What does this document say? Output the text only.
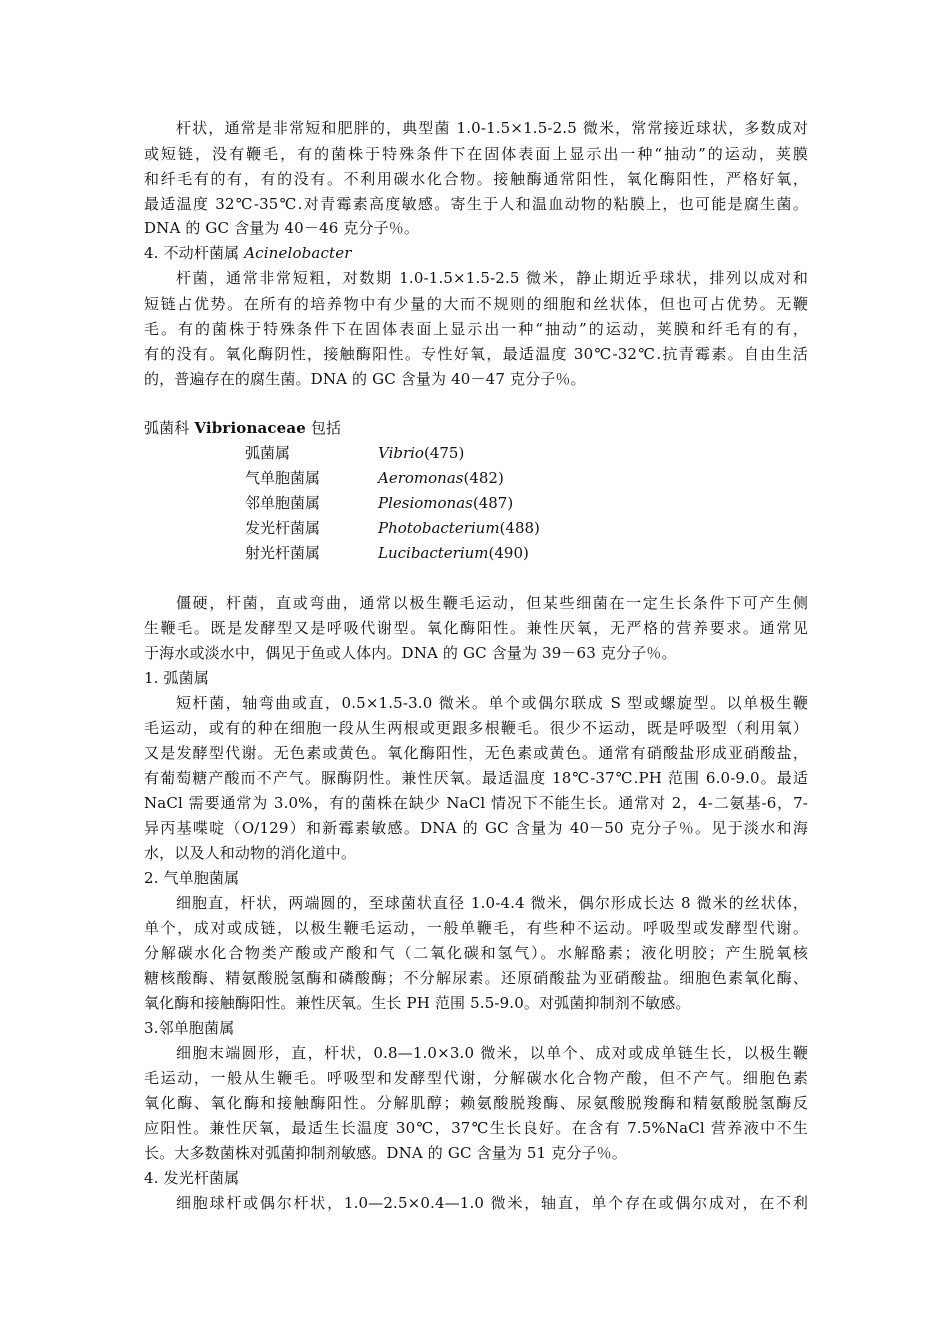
杆状，通常是非常短和肥胖的，典型菌 1.0-1.5×1.5-2.5 微米，常常接近球状，多数成对
或短链，没有鞭毛，有的菌株于特殊条件下在固体表面上显示出一种“抽动”的运动，荚膜
和纤毛有的有，有的没有。不利用碳水化合物。接触酶通常阳性，氧化酶阳性，严格好氧，
最适温度 32℃-35℃.对青霉素高度敏感。寄生于人和温血动物的粘膜上，也可能是腐生菌。
DNA 的 GC 含量为 40－46 克分子％。
4. 不动杆菌属 Acinelobacter
杆菌，通常非常短粗，对数期 1.0-1.5×1.5-2.5 微米，静止期近乎球状，排列以成对和
短链占优势。在所有的培养物中有少量的大而不规则的细胞和丝状体，但也可占优势。无鞭
毛。有的菌株于特殊条件下在固体表面上显示出一种“抽动”的运动，荚膜和纤毛有的有，
有的没有。氧化酶阴性，接触酶阳性。专性好氧，最适温度 30℃-32℃.抗青霉素。自由生活
的，普遍存在的腐生菌。DNA 的 GC 含量为 40－47 克分子％。
弧菌科 Vibrionaceae 包括
弧菌属	Vibrio(475)
气单胞菌属	Aeromonas(482)
邻单胞菌属	Plesiomonas(487)
发光杆菌属	Photobacterium(488)
射光杆菌属	Lucibacterium(490)
僵硬，杆菌，直或弯曲，通常以极生鞭毛运动，但某些细菌在一定生长条件下可产生侧
生鞭毛。既是发酵型又是呼吸代谢型。氧化酶阳性。兼性厌氧，无严格的营养要求。通常见
于海水或淡水中，偶见于鱼或人体内。DNA 的 GC 含量为 39－63 克分子％。
1. 弧菌属
短杆菌，轴弯曲或直，0.5×1.5-3.0 微米。单个或偶尔联成 S 型或螺旋型。以单极生鞭
毛运动，或有的种在细胞一段从生两根或更跟多根鞭毛。很少不运动，既是呼吸型（利用氧）
又是发酵型代谢。无色素或黄色。氧化酶阳性，无色素或黄色。通常有硝酸盐形成亚硝酸盐，
有葡萄糖产酸而不产气。脲酶阴性。兼性厌氧。最适温度 18℃-37℃.PH 范围 6.0-9.0。最适
NaCl 需要通常为 3.0%，有的菌株在缺少 NaCl 情况下不能生长。通常对 2，4-二氨基-6，7-
异丙基喋啶（O/129）和新霉素敏感。DNA 的 GC 含量为 40－50 克分子％。见于淡水和海
水，以及人和动物的消化道中。
2. 气单胞菌属
细胞直，杆状，两端圆的，至球菌状直径 1.0-4.4 微米，偶尔形成长达 8 微米的丝状体，
单个，成对或成链，以极生鞭毛运动，一般单鞭毛，有些种不运动。呼吸型或发酵型代谢。
分解碳水化合物类产酸或产酸和气（二氧化碳和氢气）。水解酪素；液化明胶；产生脱氧核
糖核酸酶、精氨酸脱氢酶和磷酸酶；不分解尿素。还原硝酸盐为亚硝酸盐。细胞色素氧化酶、
氧化酶和接触酶阳性。兼性厌氧。生长 PH 范围 5.5-9.0。对弧菌抑制剂不敏感。
3.邻单胞菌属
细胞末端圆形，直，杆状，0.8—1.0×3.0 微米，以单个、成对或成单链生长，以极生鞭
毛运动，一般从生鞭毛。呼吸型和发酵型代谢，分解碳水化合物产酸，但不产气。细胞色素
氧化酶、氧化酶和接触酶阳性。分解肌醇；赖氨酸脱羧酶、尿氨酸脱羧酶和精氨酸脱氢酶反
应阳性。兼性厌氧，最适生长温度 30℃，37℃生长良好。在含有 7.5%NaCl 营养液中不生
长。大多数菌株对弧菌抑制剂敏感。DNA 的 GC 含量为 51 克分子％。
4. 发光杆菌属
细胞球杆或偶尔杆状，1.0—2.5×0.4—1.0 微米，轴直，单个存在或偶尔成对，在不利
